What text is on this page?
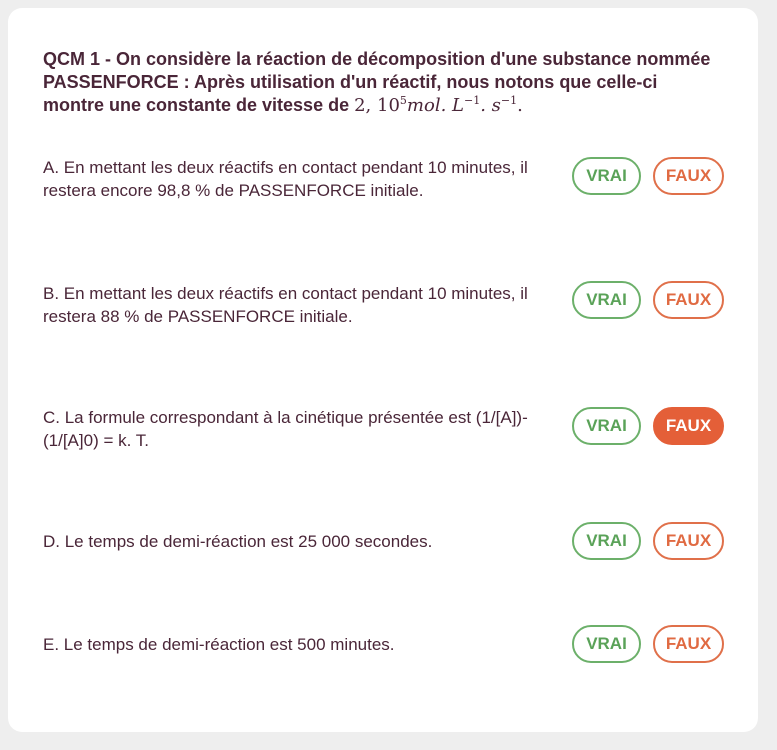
QCM 1 - On considère la réaction de décomposition d'une substance nommée PASSENFORCE : Après utilisation d'un réactif, nous notons que celle-ci montre une constante de vitesse de 2, $10^5mol$. $L^{-1}$. $s^{-1}$.
A. En mettant les deux réactifs en contact pendant 10 minutes, il restera encore 98,8 % de PASSENFORCE initiale.
VRAI	FAUX
B. En mettant les deux réactifs en contact pendant 10 minutes, il restera 88 % de PASSENFORCE initiale.
VRAI	FAUX
C. La formule correspondant à la cinétique présentée est (1/[A])- (1/[A]0) = k. T.
VRAI	FAUX
D. Le temps de demi-réaction est 25 000 secondes.	VRAI	FAUX
E. Le temps de demi-réaction est 500 minutes.	VRAI	FAUX
